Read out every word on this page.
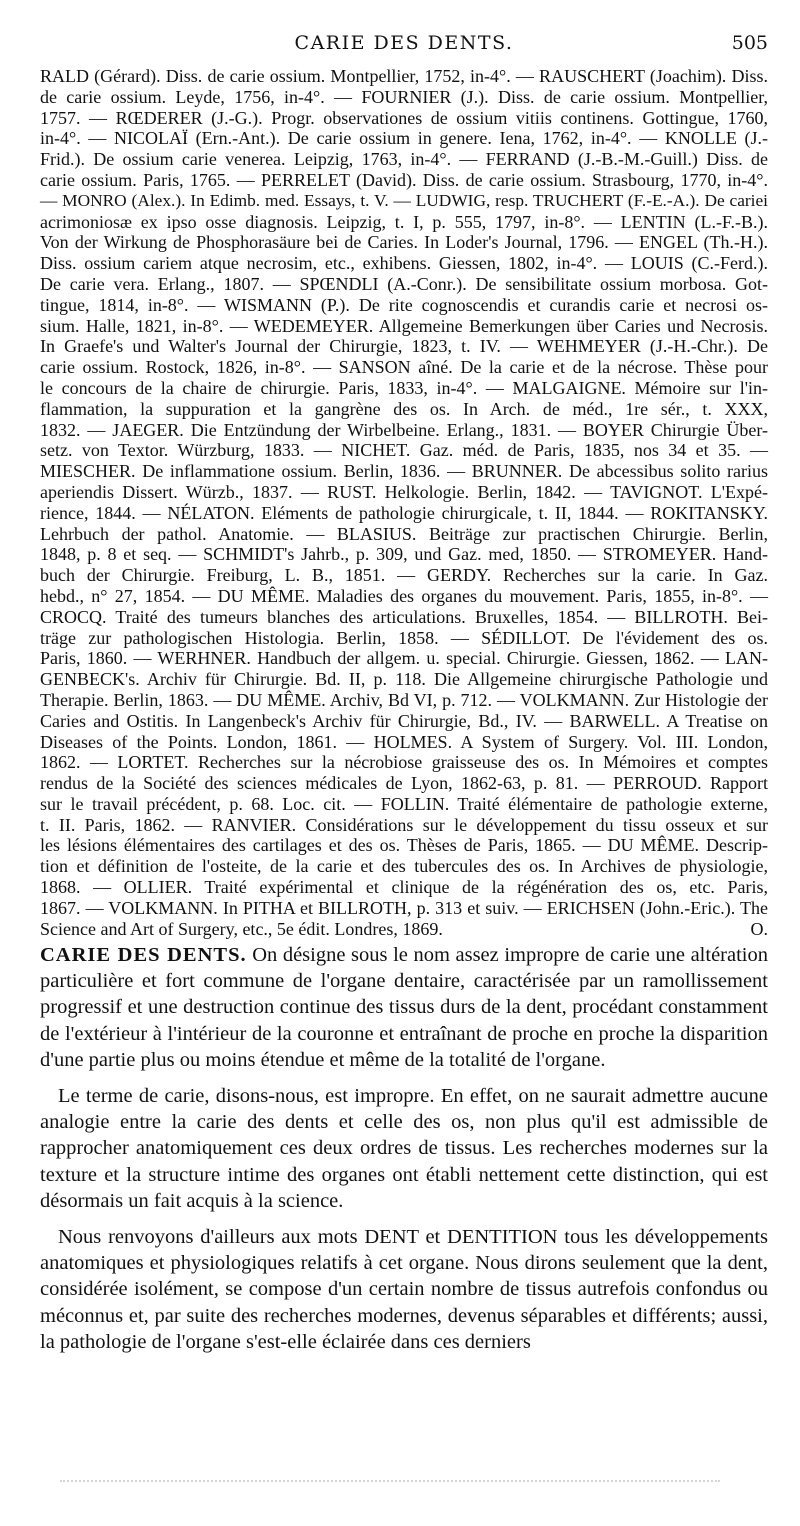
CARIE DES DENTS.	505
RALD (Gérard). Diss. de carie ossium. Montpellier, 1752, in-4°. — RAUSCHERT (Joachim). Diss.
de carie ossium. Leyde, 1756, in-4°. — FOURNIER (J.). Diss. de carie ossium. Montpellier,
1757. — RŒDERER (J.-G.). Progr. observationes de ossium vitiis continens. Gottingue, 1760,
in-4°. — NICOLAÏ (Ern.-Ant.). De carie ossium in genere. Iena, 1762, in-4°. — KNOLLE (J.-
Frid.). De ossium carie venerea. Leipzig, 1763, in-4°. — FERRAND (J.-B.-M.-Guill.) Diss. de
carie ossium. Paris, 1765. — PERRELET (David). Diss. de carie ossium. Strasbourg, 1770, in-4°.
— MONRO (Alex.). In Edimb. med. Essays, t. V. — LUDWIG, resp. TRUCHERT (F.-E.-A.). De cariei
acrimoniosæ ex ipso osse diagnosis. Leipzig, t. I, p. 555, 1797, in-8°. — LENTIN (L.-F.-B.).
Von der Wirkung de Phosphorasäure bei de Caries. In Loder's Journal, 1796. — ENGEL (Th.-H.).
Diss. ossium cariem atque necrosim, etc., exhibens. Giessen, 1802, in-4°. — LOUIS (C.-Ferd.).
De carie vera. Erlang., 1807. — SPŒNDLI (A.-Conr.). De sensibilitate ossium morbosa. Got-
tingue, 1814, in-8°. — WISMANN (P.). De rite cognoscendis et curandis carie et necrosi os-
sium. Halle, 1821, in-8°. — WEDEMEYER. Allgemeine Bemerkungen über Caries und Necrosis.
In Graefe's und Walter's Journal der Chirurgie, 1823, t. IV. — WEHMEYER (J.-H.-Chr.). De
carie ossium. Rostock, 1826, in-8°. — SANSON aîné. De la carie et de la nécrose. Thèse pour
le concours de la chaire de chirurgie. Paris, 1833, in-4°. — MALGAIGNE. Mémoire sur l'in-
flammation, la suppuration et la gangrène des os. In Arch. de méd., 1re sér., t. XXX,
1832. — JAEGER. Die Entzündung der Wirbelbeine. Erlang., 1831. — BOYER Chirurgie Über-
setz. von Textor. Würzburg, 1833. — NICHET. Gaz. méd. de Paris, 1835, nos 34 et 35. —
MIESCHER. De inflammatione ossium. Berlin, 1836. — BRUNNER. De abcessibus solito rarius
aperiendis Dissert. Würzb., 1837. — RUST. Helkologie. Berlin, 1842. — TAVIGNOT. L'Expé-
rience, 1844. — NÉLATON. Eléments de pathologie chirurgicale, t. II, 1844. — ROKITANSKY.
Lehrbuch der pathol. Anatomie. — BLASIUS. Beiträge zur practischen Chirurgie. Berlin,
1848, p. 8 et seq. — SCHMIDT's Jahrb., p. 309, und Gaz. med, 1850. — STROMEYER. Hand-
buch der Chirurgie. Freiburg, L. B., 1851. — GERDY. Recherches sur la carie. In Gaz.
hebd., n° 27, 1854. — DU MÊME. Maladies des organes du mouvement. Paris, 1855, in-8°. —
CROCQ. Traité des tumeurs blanches des articulations. Bruxelles, 1854. — BILLROTH. Bei-
träge zur pathologischen Histologia. Berlin, 1858. — SÉDILLOT. De l'évidement des os.
Paris, 1860. — WERHNER. Handbuch der allgem. u. special. Chirurgie. Giessen, 1862. — LAN-
GENBECK's. Archiv für Chirurgie. Bd. II, p. 118. Die Allgemeine chirurgische Pathologie und
Therapie. Berlin, 1863. — DU MÊME. Archiv, Bd VI, p. 712. — VOLKMANN. Zur Histologie der
Caries and Ostitis. In Langenbeck's Archiv für Chirurgie, Bd., IV. — BARWELL. A Treatise on
Diseases of the Points. London, 1861. — HOLMES. A System of Surgery. Vol. III. London,
1862. — LORTET. Recherches sur la nécrobiose graisseuse des os. In Mémoires et comptes
rendus de la Société des sciences médicales de Lyon, 1862-63, p. 81. — PERROUD. Rapport
sur le travail précédent, p. 68. Loc. cit. — FOLLIN. Traité élémentaire de pathologie externe,
t. II. Paris, 1862. — RANVIER. Considérations sur le développement du tissu osseux et sur
les lésions élémentaires des cartilages et des os. Thèses de Paris, 1865. — DU MÊME. Descrip-
tion et définition de l'osteite, de la carie et des tubercules des os. In Archives de physiologie,
1868. — OLLIER. Traité expérimental et clinique de la régénération des os, etc. Paris,
1867. — VOLKMANN. In PITHA et BILLROTH, p. 313 et suiv. — ERICHSEN (John.-Eric.). The
Science and Art of Surgery, etc., 5e édit. Londres, 1869.	O.

CARIE DES DENTS. On désigne sous le nom assez impropre de carie une altération particulière et fort commune de l'organe dentaire, caractérisée par un ramollissement progressif et une destruction continue des tissus durs de la dent, procédant constamment de l'extérieur à l'intérieur de la couronne et entraînant de proche en proche la disparition d'une partie plus ou moins étendue et même de la totalité de l'organe.

Le terme de carie, disons-nous, est impropre. En effet, on ne saurait admettre aucune analogie entre la carie des dents et celle des os, non plus qu'il est admissible de rapprocher anatomiquement ces deux ordres de tissus. Les recherches modernes sur la texture et la structure intime des organes ont établi nettement cette distinction, qui est désormais un fait acquis à la science.

Nous renvoyons d'ailleurs aux mots DENT et DENTITION tous les développements anatomiques et physiologiques relatifs à cet organe. Nous dirons seulement que la dent, considérée isolément, se compose d'un certain nombre de tissus autrefois confondus ou méconnus et, par suite des recherches modernes, devenus séparables et différents; aussi, la pathologie de l'organe s'est-elle éclairée dans ces derniers
